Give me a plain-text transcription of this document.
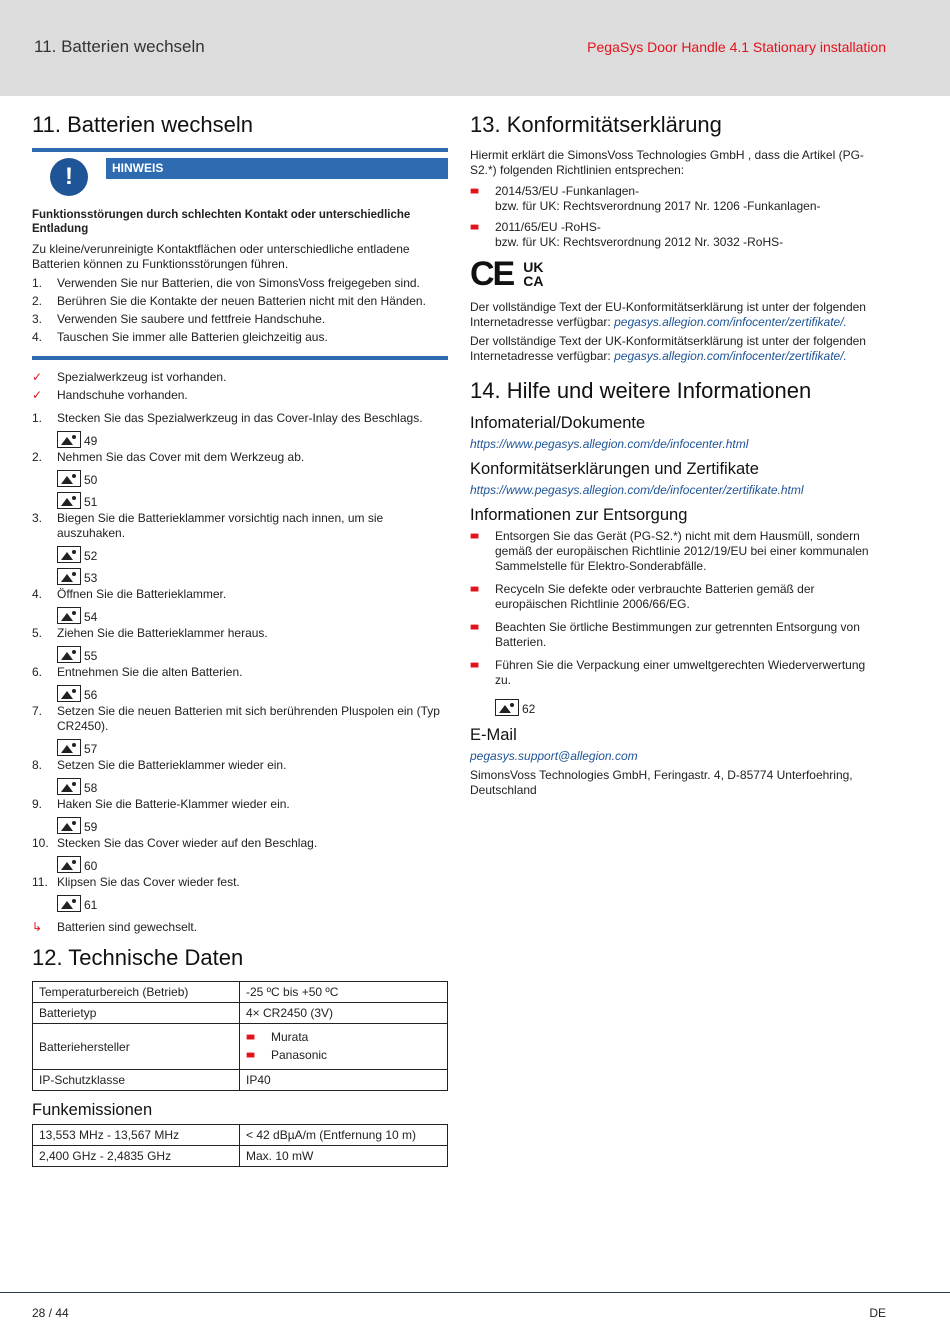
11. Batterien wechseln	PegaSys Door Handle 4.1 Stationary installation
11. Batterien wechseln
!	HINWEIS
Funktionsstörungen durch schlechten Kontakt oder unterschiedliche Entladung

Zu kleine/verunreinigte Kontaktflächen oder unterschiedliche entladene Batterien können zu Funktionsstörungen führen.

1.	Verwenden Sie nur Batterien, die von SimonsVoss freigegeben sind.
2.	Berühren Sie die Kontakte der neuen Batterien nicht mit den Händen.
3.	Verwenden Sie saubere und fettfreie Handschuhe.
4.	Tauschen Sie immer alle Batterien gleichzeitig aus.
✓	Spezialwerkzeug ist vorhanden.
✓	Handschuhe vorhanden.
1.	Stecken Sie das Spezialwerkzeug in das Cover-Inlay des Beschlags.
49
2.	Nehmen Sie das Cover mit dem Werkzeug ab.
50
51
3.	Biegen Sie die Batterieklammer vorsichtig nach innen, um sie auszuhaken.
52
53
4.	Öffnen Sie die Batterieklammer.
54
5.	Ziehen Sie die Batterieklammer heraus.
55
6.	Entnehmen Sie die alten Batterien.
56
7.	Setzen Sie die neuen Batterien mit sich berührenden Pluspolen ein (Typ CR2450).
57
8.	Setzen Sie die Batterieklammer wieder ein.
58
9.	Haken Sie die Batterie-Klammer wieder ein.
59
10. Stecken Sie das Cover wieder auf den Beschlag.
60
11. Klipsen Sie das Cover wieder fest.
61
↳	Batterien sind gewechselt.
12. Technische Daten
Temperaturbereich (Betrieb)	-25 ºC bis +50 ºC
Batterietyp	4× CR2450 (3V)
Batteriehersteller	■■ Murata
■■ Panasonic

IP-Schutzklasse	IP40
Funkemissionen
13,553 MHz - 13,567 MHz	< 42 dBµA/m (Entfernung 10 m)
2,400 GHz - 2,4835 GHz	Max. 10 mW
13. Konformitätserklärung

Hiermit erklärt die SimonsVoss Technologies GmbH , dass die Artikel (PG-S2.*) folgenden Richtlinien entsprechen:

■■	2014/53/EU -Funkanlagen-
bzw. für UK: Rechtsverordnung 2017 Nr. 1206 -Funkanlagen-
■■	2011/65/EU -RoHS-
bzw. für UK: Rechtsverordnung 2012 Nr. 3032 -RoHS-
CE UK CA

Der vollständige Text der EU-Konformitätserklärung ist unter der folgenden Internetadresse verfügbar: pegasys.allegion.com/infocenter/zertifikate/.

Der vollständige Text der UK-Konformitätserklärung ist unter der folgenden Internetadresse verfügbar: pegasys.allegion.com/infocenter/zertifikate/.

14. Hilfe und weitere Informationen
Infomaterial/Dokumente

https://www.pegasys.allegion.com/de/infocenter.html

Konformitätserklärungen und Zertifikate

https://www.pegasys.allegion.com/de/infocenter/zertifikate.html

Informationen zur Entsorgung
■■	Entsorgen Sie das Gerät (PG-S2.*) nicht mit dem Hausmüll, sondern gemäß der europäischen Richtlinie 2012/19/EU bei einer kommunalen Sammelstelle für Elektro-Sonderabfälle.
■■	Recyceln Sie defekte oder verbrauchte Batterien gemäß der europäischen Richtlinie 2006/66/EG.
■■	Beachten Sie örtliche Bestimmungen zur getrennten Entsorgung von Batterien.
■■	Führen Sie die Verpackung einer umweltgerechten Wiederverwertung zu.
62
E-Mail

pegasys.support@allegion.com

SimonsVoss Technologies GmbH, Feringastr. 4, D-85774 Unterfoehring, Deutschland

28 / 44	DE
